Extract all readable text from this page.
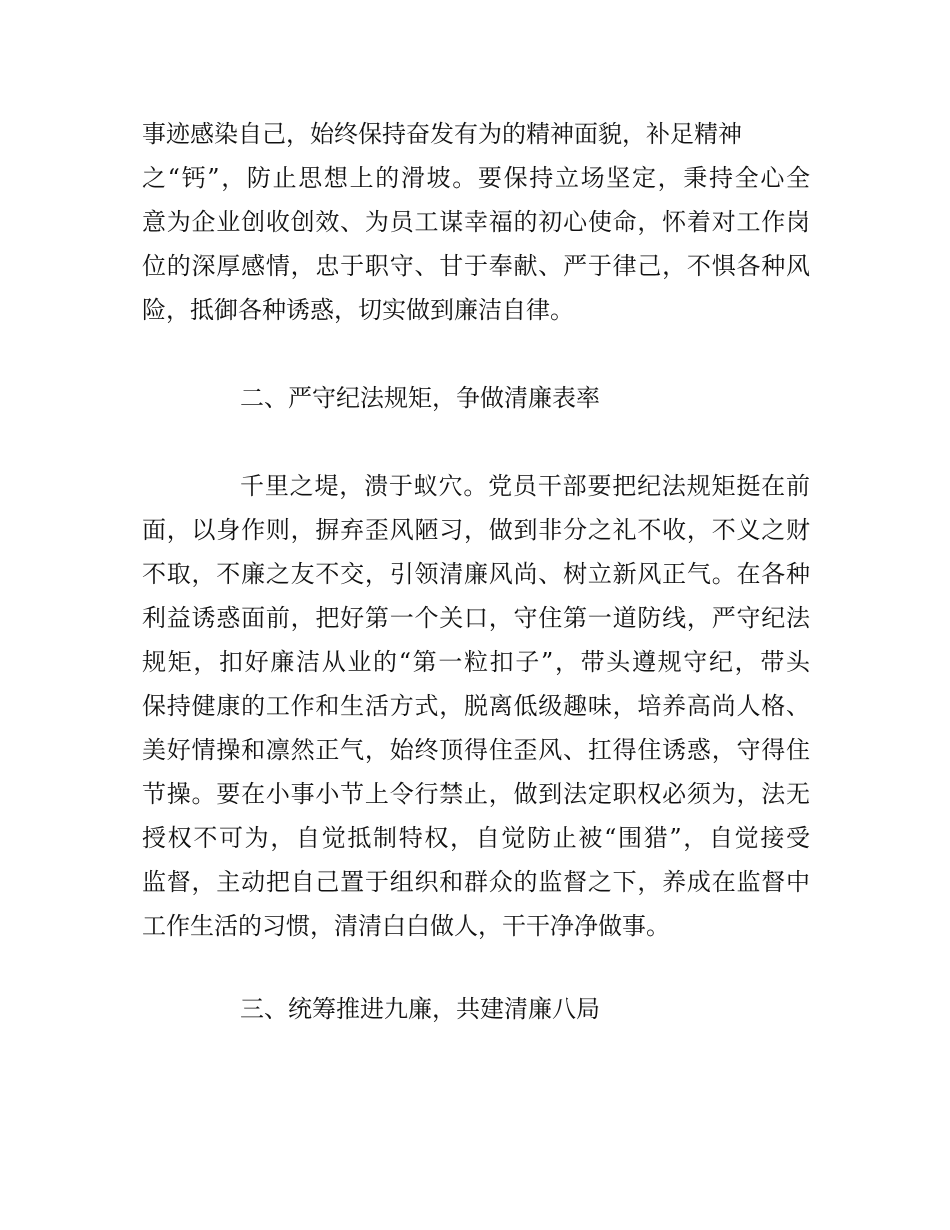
事迹感染自己，始终保持奋发有为的精神面貌，补足精神
之“钙”，防止思想上的滑坡。要保持立场坚定，秉持全心全
意为企业创收创效、为员工谋幸福的初心使命，怀着对工作岗
位的深厚感情，忠于职守、甘于奉献、严于律己，不惧各种风
险，抵御各种诱惑，切实做到廉洁自律。
二、严守纪法规矩，争做清廉表率
千里之堤，溃于蚁穴。党员干部要把纪法规矩挺在前
面，以身作则，摒弃歪风陋习，做到非分之礼不收，不义之财
不取，不廉之友不交，引领清廉风尚、树立新风正气。在各种
利益诱惑面前，把好第一个关口，守住第一道防线，严守纪法
规矩，扣好廉洁从业的“第一粒扣子”，带头遵规守纪，带头
保持健康的工作和生活方式，脱离低级趣味，培养高尚人格、
美好情操和凛然正气，始终顶得住歪风、扛得住诱惑，守得住
节操。要在小事小节上令行禁止，做到法定职权必须为，法无
授权不可为，自觉抵制特权，自觉防止被“围猎”，自觉接受
监督，主动把自己置于组织和群众的监督之下，养成在监督中
工作生活的习惯，清清白白做人，干干净净做事。
三、统筹推进九廉，共建清廉八局
